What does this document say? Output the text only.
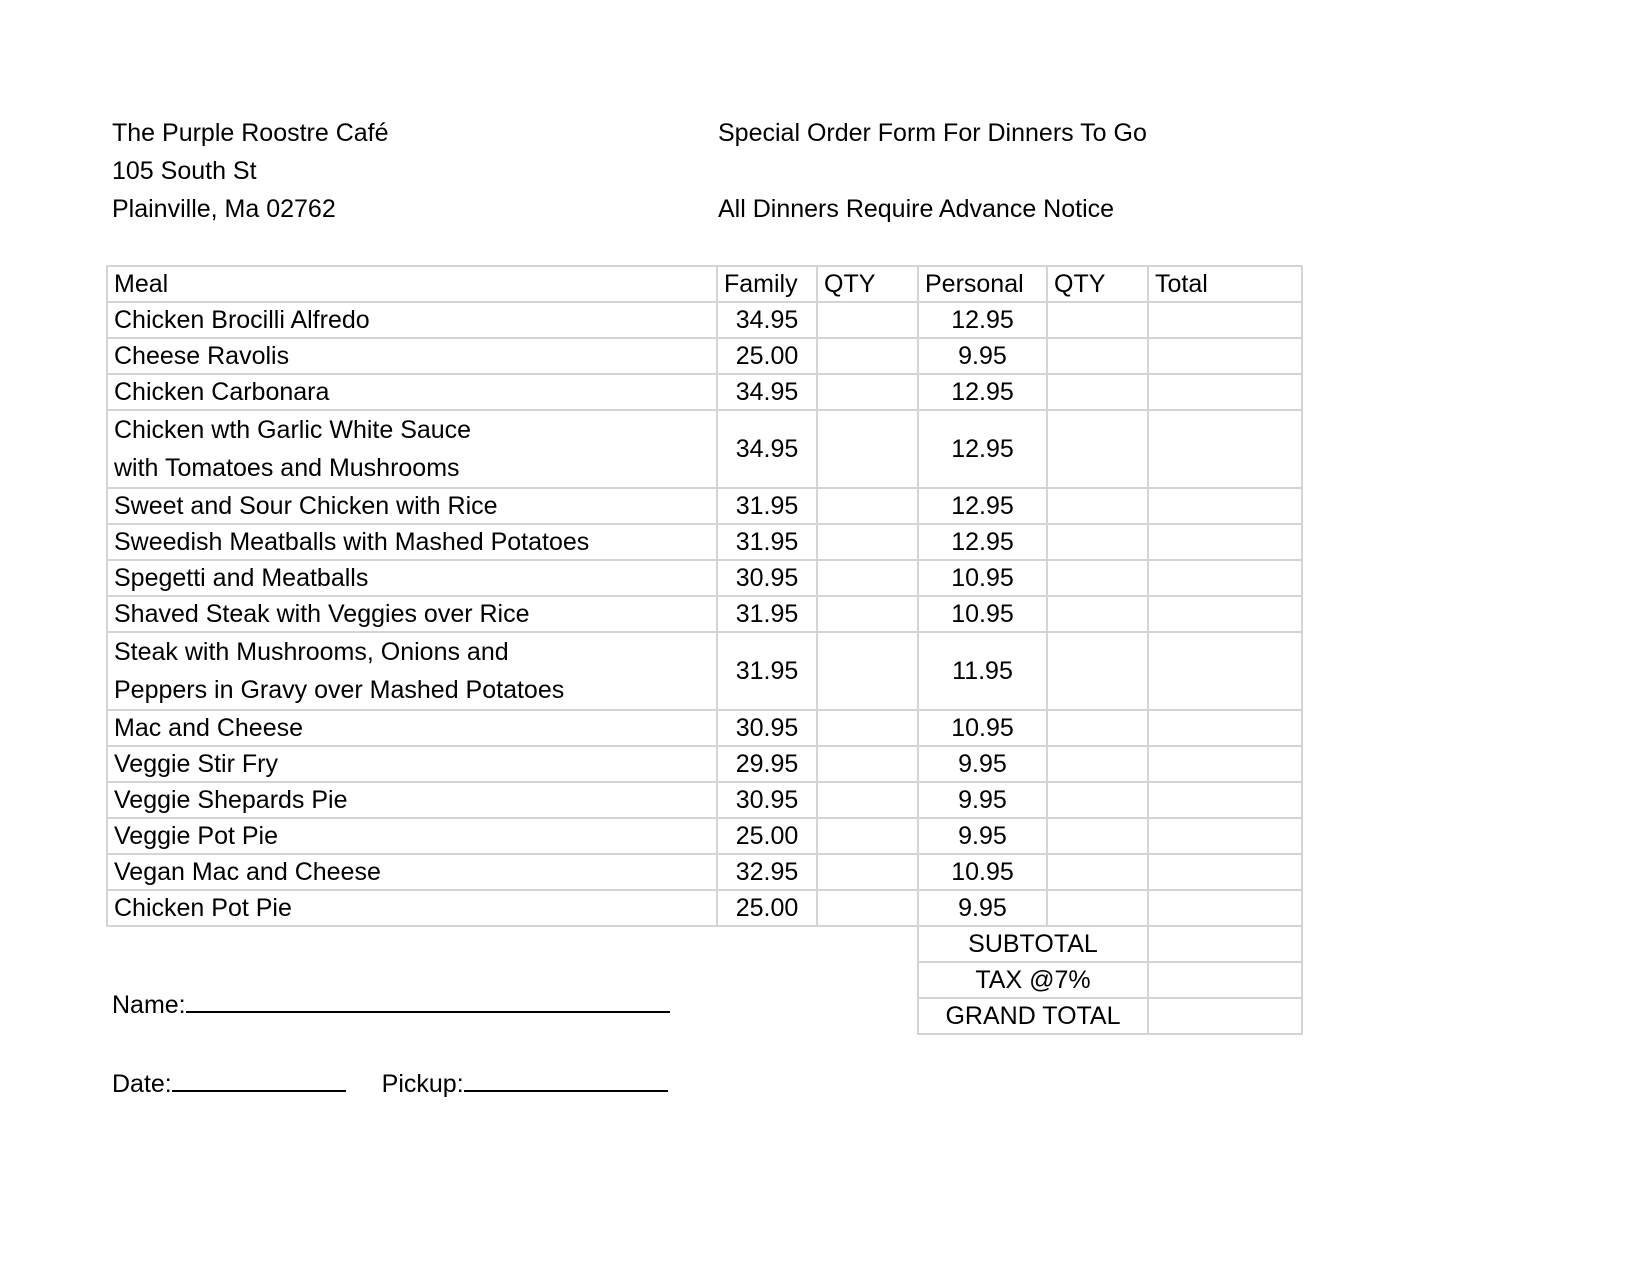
The Purple Roostre Café
105 South St
Plainville, Ma 02762
Special Order Form For Dinners To Go
All Dinners Require Advance Notice
Meal	Family	QTY	Personal	QTY	Total
Chicken Brocilli Alfredo	34.95		12.95		
Cheese Ravolis	25.00		9.95		
Chicken Carbonara	34.95		12.95		

Chicken wth Garlic White Sauce
with Tomatoes and Mushrooms	34.95		12.95		
Sweet and Sour Chicken with Rice	31.95		12.95		
Sweedish Meatballs with Mashed Potatoes	31.95		12.95		
Spegetti and Meatballs	30.95		10.95		
Shaved Steak with Veggies over Rice	31.95		10.95		

Steak with Mushrooms, Onions and
Peppers in Gravy over Mashed Potatoes	31.95		11.95		
Mac and Cheese	30.95		10.95		
Veggie Stir Fry	29.95		9.95		
Veggie Shepards Pie	30.95		9.95		
Veggie Pot Pie	25.00		9.95		
Vegan Mac and Cheese	32.95		10.95		
Chicken Pot Pie	25.00		9.95		
			SUBTOTAL		
			TAX @7%		
			GRAND TOTAL		
Name:
Date:	Pickup:
